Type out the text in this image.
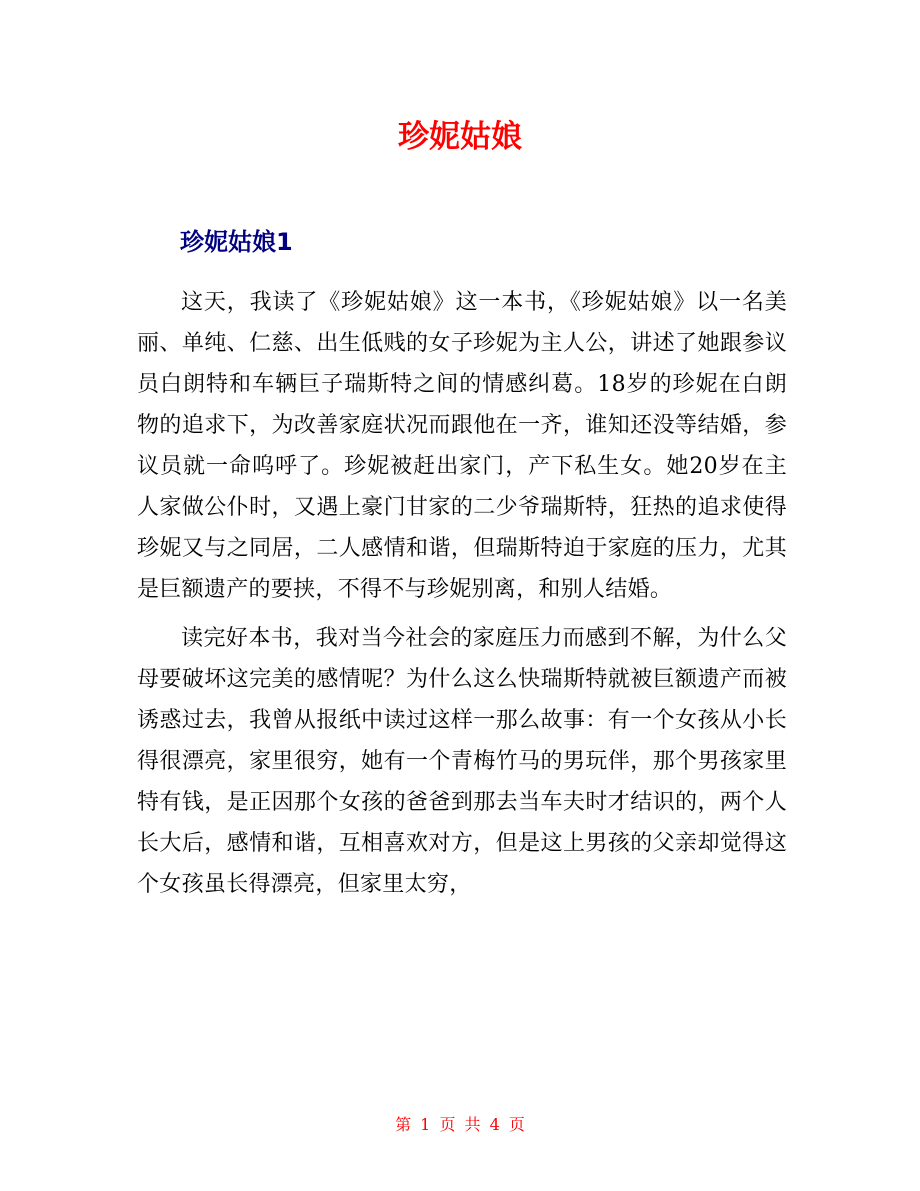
珍妮姑娘
珍妮姑娘1

这天，我读了《珍妮姑娘》这一本书，《珍妮姑娘》以一名美丽、单纯、仁慈、出生低贱的女子珍妮为主人公，讲述了她跟参议员白朗特和车辆巨子瑞斯特之间的情感纠葛。18岁的珍妮在白朗物的追求下，为改善家庭状况而跟他在一齐，谁知还没等结婚，参议员就一命呜呼了。珍妮被赶出家门，产下私生女。她20岁在主人家做公仆时，又遇上豪门甘家的二少爷瑞斯特，狂热的追求使得珍妮又与之同居，二人感情和谐，但瑞斯特迫于家庭的压力，尤其是巨额遗产的要挟，不得不与珍妮别离，和别人结婚。

读完好本书，我对当今社会的家庭压力而感到不解，为什么父母要破坏这完美的感情呢？为什么这么快瑞斯特就被巨额遗产而被诱惑过去，我曾从报纸中读过这样一那么故事：有一个女孩从小长得很漂亮，家里很穷，她有一个青梅竹马的男玩伴，那个男孩家里特有钱，是正因那个女孩的爸爸到那去当车夫时才结识的，两个人长大后，感情和谐，互相喜欢对方，但是这上男孩的父亲却觉得这个女孩虽长得漂亮，但家里太穷，

第 1 页 共 4 页
